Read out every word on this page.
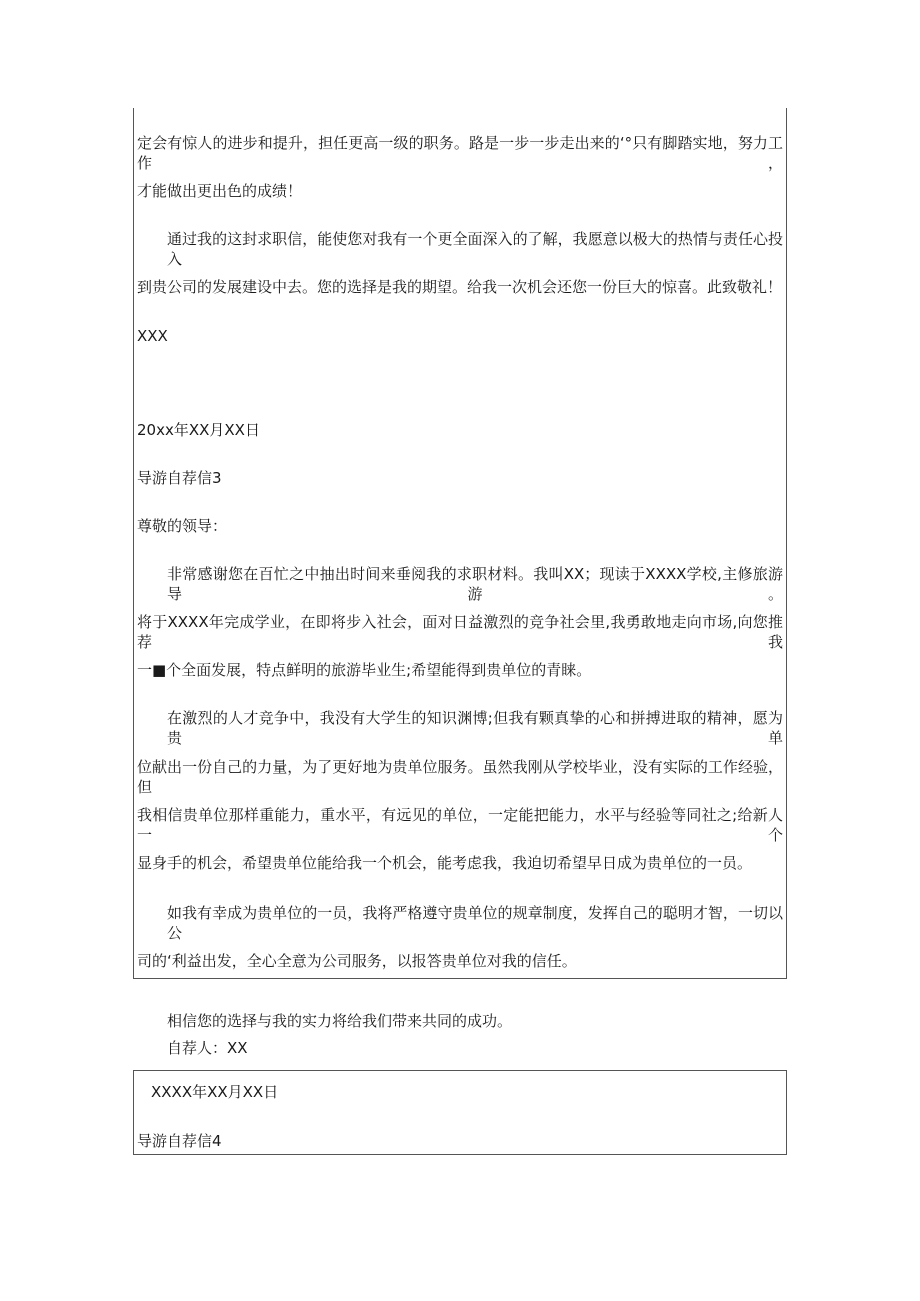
定会有惊人的进步和提升，担任更高一级的职务。路是一步一步走出来的‘°只有脚踏实地，努力工作，

才能做出更出色的成绩！

通过我的这封求职信，能使您对我有一个更全面深入的了解，我愿意以极大的热情与责任心投入

到贵公司的发展建设中去。您的选择是我的期望。给我一次机会还您一份巨大的惊喜。此致敬礼！

XXX

20xx年XX月XX日

导游自荐信3

尊敬的领导：

非常感谢您在百忙之中抽出时间来垂阅我的求职材料。我叫XX；现读于XXXX学校,主修旅游导游。

将于XXXX年完成学业，在即将步入社会，面对日益激烈的竞争社会里,我勇敢地走向市场,向您推荐我

一■个全面发展，特点鲜明的旅游毕业生;希望能得到贵单位的青睐。

在激烈的人才竞争中，我没有大学生的知识渊博;但我有颗真挚的心和拼搏进取的精神，愿为贵单

位献出一份自己的力量，为了更好地为贵单位服务。虽然我刚从学校毕业，没有实际的工作经验，但

我相信贵单位那样重能力，重水平，有远见的单位，一定能把能力，水平与经验等同社之;给新人一个

显身手的机会，希望贵单位能给我一个机会，能考虑我，我迫切希望早日成为贵单位的一员。

如我有幸成为贵单位的一员，我将严格遵守贵单位的规章制度，发挥自己的聪明才智，一切以公

司的‘利益出发，全心全意为公司服务，以报答贵单位对我的信任。

相信您的选择与我的实力将给我们带来共同的成功。

自荐人：XX

XXXX年XX月XX日

导游自荐信4
